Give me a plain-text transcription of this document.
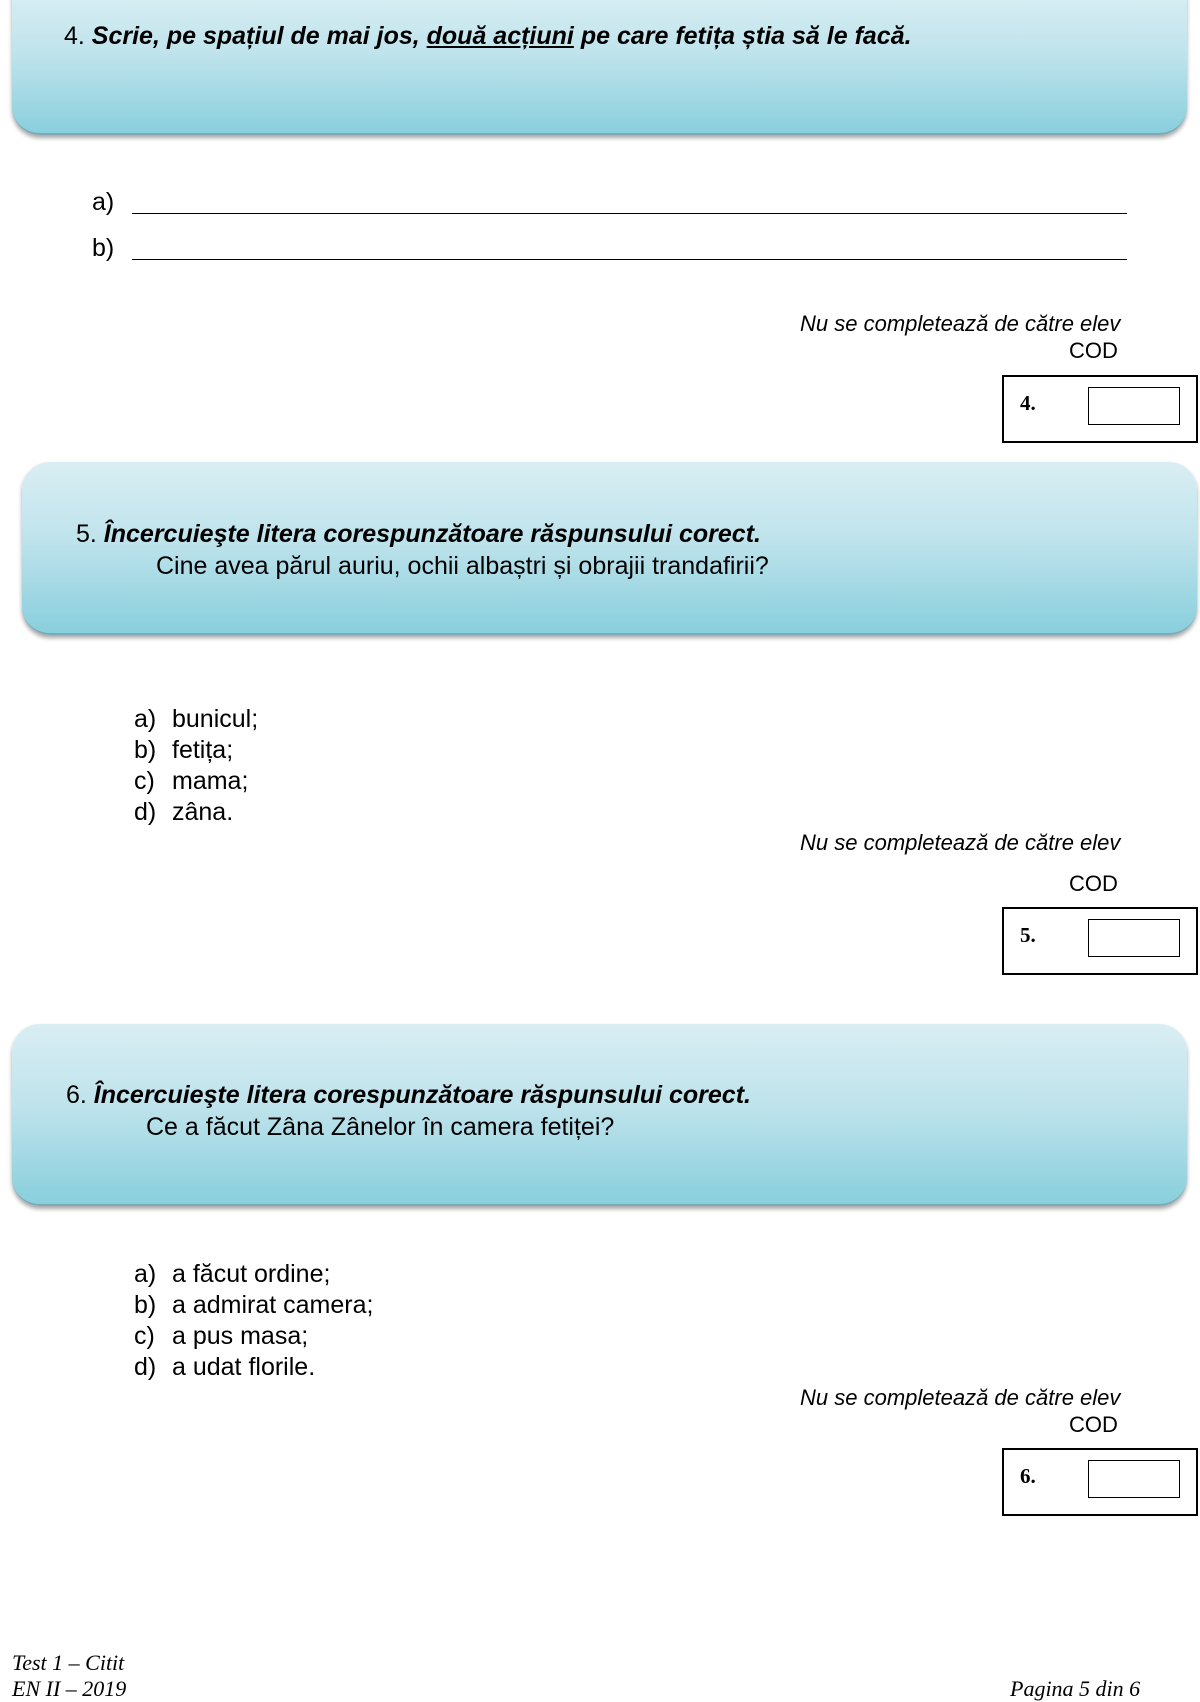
4. Scrie, pe spațiul de mai jos, două acțiuni pe care fetița știa să le facă.
a)
b)
Nu se completează de către elev
COD
4.
5. Încercuieşte litera corespunzătoare răspunsului corect.
Cine avea părul auriu, ochii albaștri și obrajii trandafirii?
a) bunicul;
b) fetița;
c) mama;
d) zâna.
Nu se completează de către elev
COD
5.
6. Încercuieşte litera corespunzătoare răspunsului corect.
Ce a făcut Zâna Zânelor în camera fetiței?
a) a făcut ordine;
b) a admirat camera;
c) a pus masa;
d) a udat florile.
Nu se completează de către elev
COD
6.
Test 1 – Citit
EN II – 2019	Pagina 5 din 6
